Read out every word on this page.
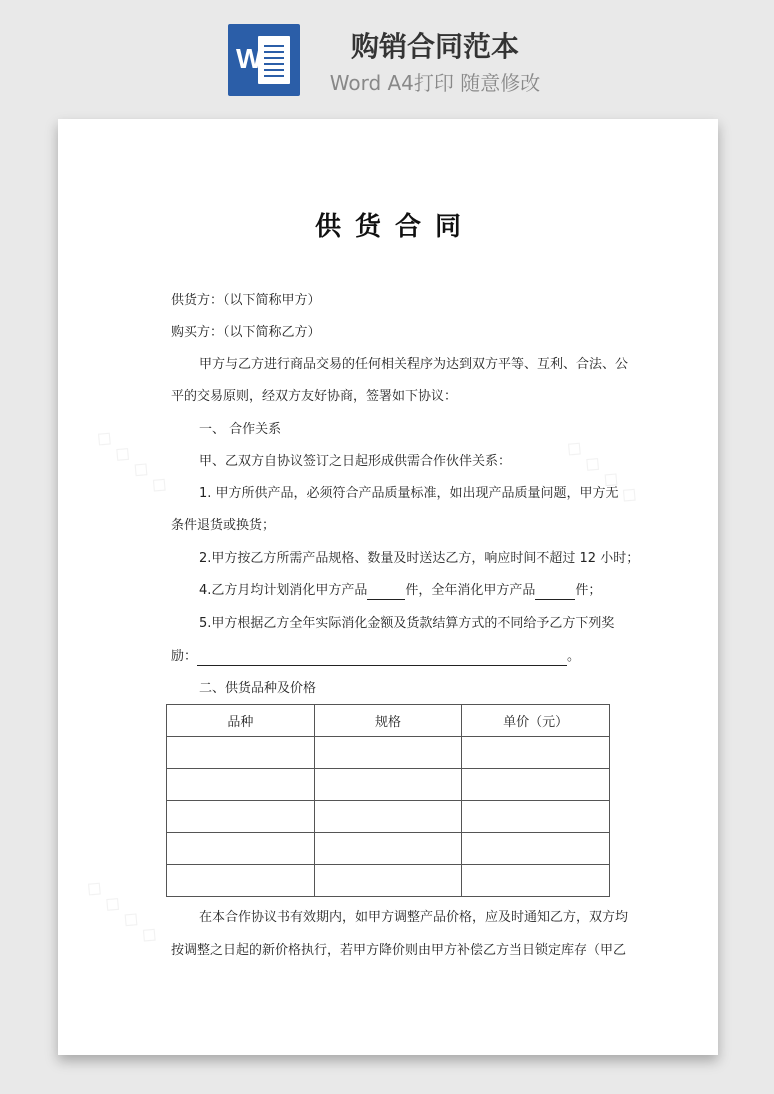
W	购销合同范本
Word A4打印 随意修改
◇ ◇ ◇ ◇	◇ ◇ ◇ ◇
◇ ◇ ◇ ◇
供货合同
供货方：（以下简称甲方）
购买方：（以下简称乙方）
甲方与乙方进行商品交易的任何相关程序为达到双方平等、互利、合法、公
平的交易原则，经双方友好协商，签署如下协议：
一、 合作关系
甲、乙双方自协议签订之日起形成供需合作伙伴关系：
1. 甲方所供产品，必须符合产品质量标准，如出现产品质量问题，甲方无
条件退货或换货；
2.甲方按乙方所需产品规格、数量及时送达乙方，响应时间不超过 12 小时；
4.乙方月均计划消化甲方产品	件，全年消化甲方产品	件；
5.甲方根据乙方全年实际消化金额及货款结算方式的不同给予乙方下列奖
励：	。
二、供货品种及价格
品种	规格	单价（元）

在本合作协议书有效期内，如甲方调整产品价格，应及时通知乙方，双方均
按调整之日起的新价格执行，若甲方降价则由甲方补偿乙方当日锁定库存（甲乙
